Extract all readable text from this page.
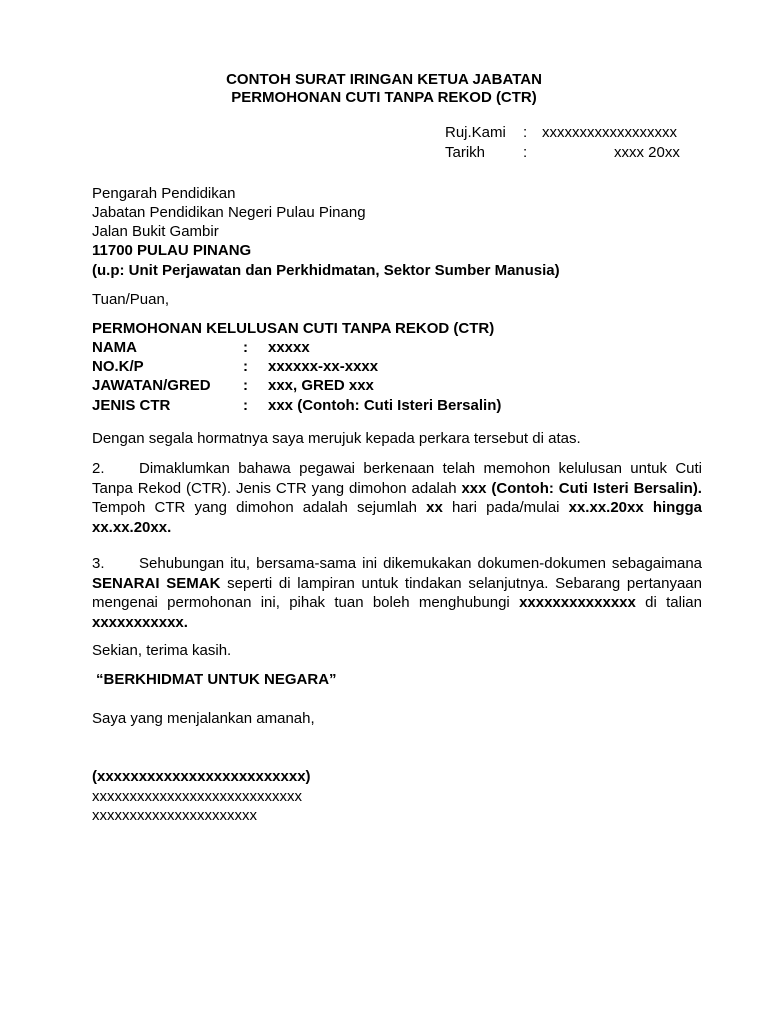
CONTOH SURAT IRINGAN KETUA JABATAN
PERMOHONAN CUTI TANPA REKOD (CTR)
Ruj.Kami : xxxxxxxxxxxxxxxxxx
Tarikh	:	xxxx 20xx
Pengarah Pendidikan
Jabatan Pendidikan Negeri Pulau Pinang
Jalan Bukit Gambir
11700 PULAU PINANG
(u.p: Unit Perjawatan dan Perkhidmatan, Sektor Sumber Manusia)
Tuan/Puan,
PERMOHONAN KELULUSAN CUTI TANPA REKOD (CTR)
NAMA	: xxxxx
NO.K/P	: xxxxxx-xx-xxxx
JAWATAN/GRED : xxx, GRED xxx
JENIS CTR	: xxx (Contoh: Cuti Isteri Bersalin)
Dengan segala hormatnya saya merujuk kepada perkara tersebut di atas.
2. Dimaklumkan bahawa pegawai berkenaan telah memohon kelulusan untuk Cuti Tanpa Rekod (CTR). Jenis CTR yang dimohon adalah xxx (Contoh: Cuti Isteri Bersalin). Tempoh CTR yang dimohon adalah sejumlah xx hari pada/mulai xx.xx.20xx hingga xx.xx.20xx.
3. Sehubungan itu, bersama-sama ini dikemukakan dokumen-dokumen sebagaimana SENARAI SEMAK seperti di lampiran untuk tindakan selanjutnya. Sebarang pertanyaan mengenai permohonan ini, pihak tuan boleh menghubungi xxxxxxxxxxxxxx di talian xxxxxxxxxxx.
Sekian, terima kasih.
“BERKHIDMAT UNTUK NEGARA”
Saya yang menjalankan amanah,
(xxxxxxxxxxxxxxxxxxxxxxxxx)
xxxxxxxxxxxxxxxxxxxxxxxxxxxx
xxxxxxxxxxxxxxxxxxxxxx
